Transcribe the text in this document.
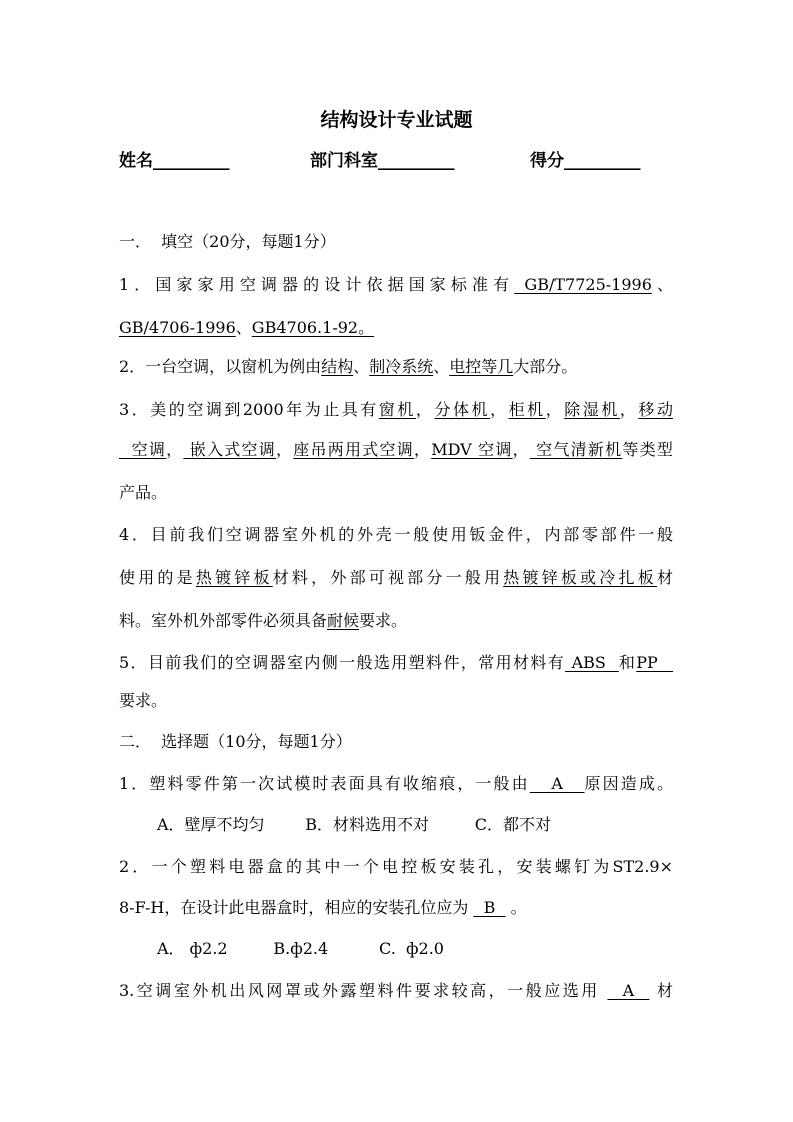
结构设计专业试题
姓名_________	部门科室_________	得分_________
一．  填空（20分，每题1分）
1．国家家用空调器的设计依据国家标准有 GB/T7725-1996、
GB/4706-1996、GB4706.1-92。
2．一台空调，以窗机为例由结构、制冷系统、电控等几大部分。
3．美的空调到2000年为止具有窗机，分体机，柜机，除湿机，移动
空调， 嵌入式空调，座吊两用式空调，MDV 空调， 空气清新机等类型
产品。
4．目前我们空调器室外机的外壳一般使用钣金件，内部零部件一般
使用的是热镀锌板材料，外部可视部分一般用热镀锌板或冷扎板材
料。室外机外部零件必须具备耐候要求。
5．目前我们的空调器室内侧一般选用塑料件，常用材料有 ABS  和PP
要求。
二．  选择题（10分，每题1分）
1．塑料零件第一次试模时表面具有收缩痕，一般由   A   原因造成。
A．壁厚不均匀        B．材料选用不对         C．都不对
2．一个塑料电器盒的其中一个电控板安装孔，安装螺钉为ST2.9×
8-F-H，在设计此电器盒时，相应的安装孔位应为   B   。
A． ф2.2         B.ф2.4          C.  ф2.0
3.空调室外机出风网罩或外露塑料件要求较高，一般应选用   A   材
